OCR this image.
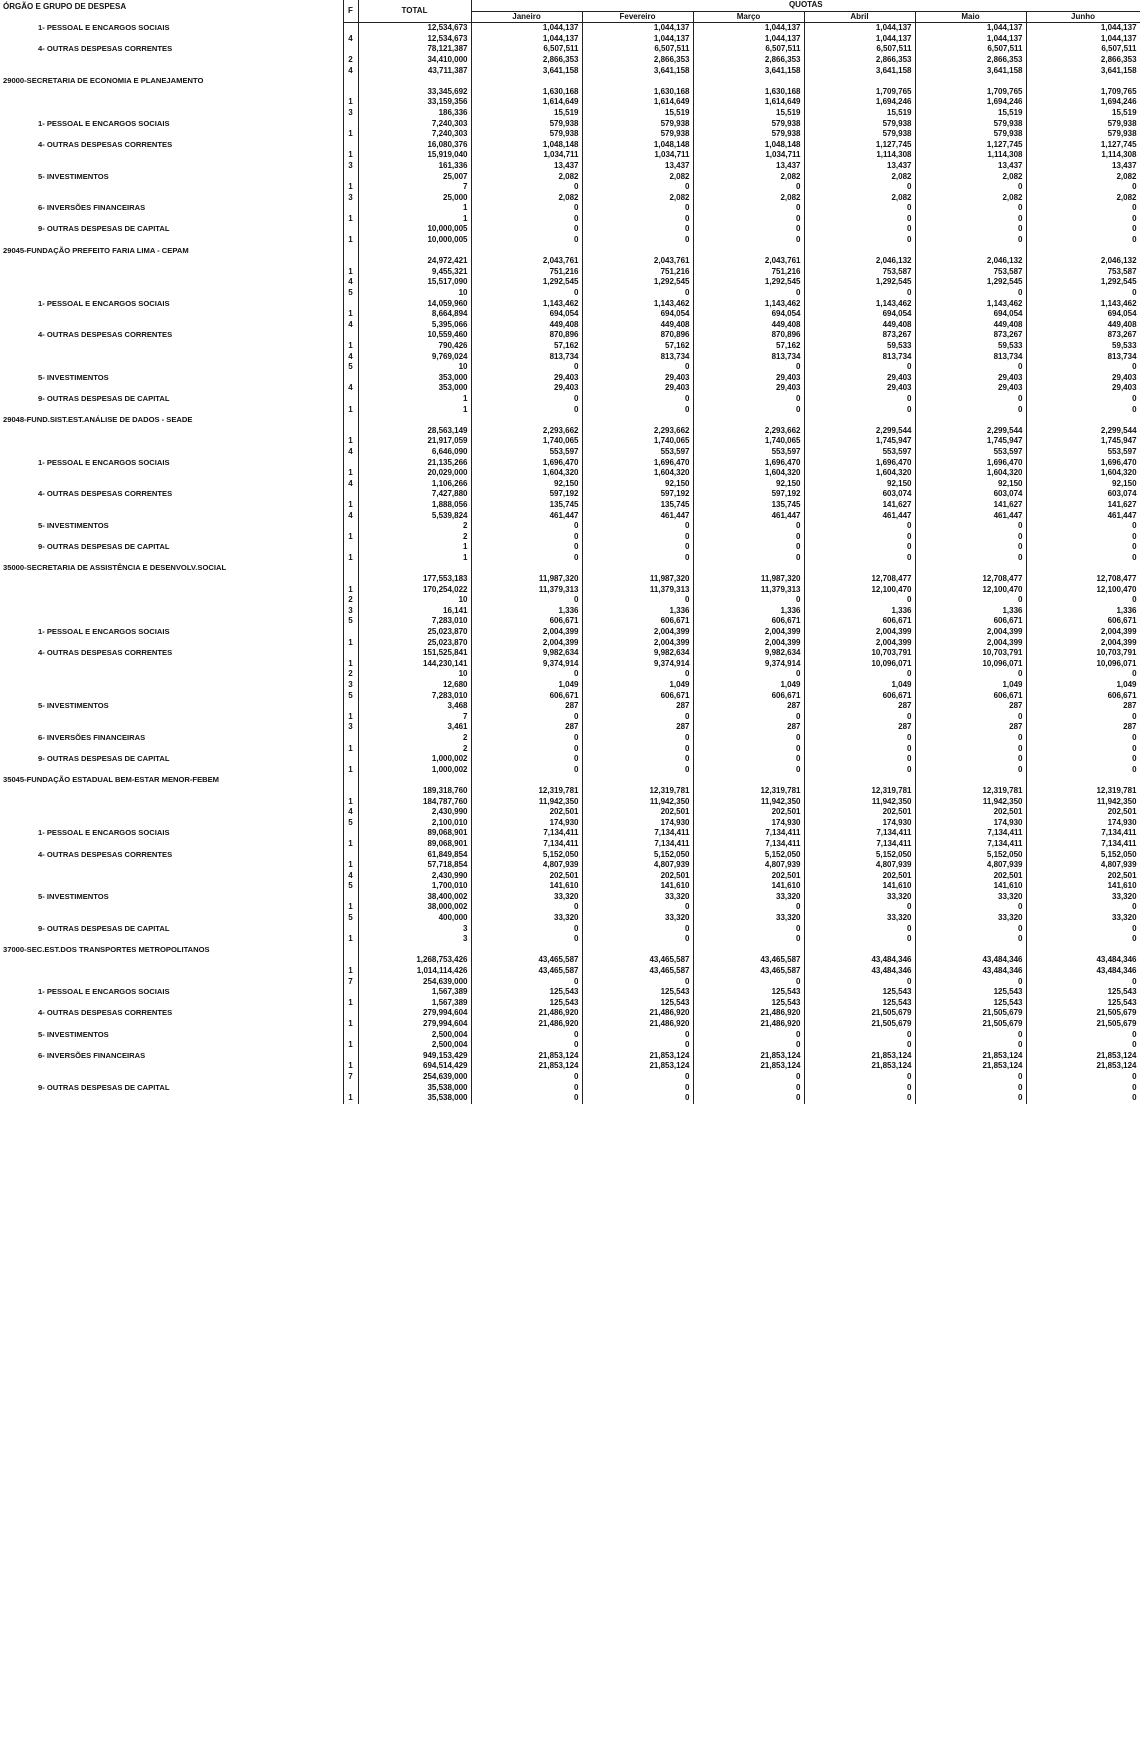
ÓRGÃO E GRUPO DE DESPESA	F	TOTAL	QUOTAS					
			Janeiro	Fevereiro	Março	Abril	Maio	Junho
1- PESSOAL E ENCARGOS SOCIAIS		12,534,673	1,044,137	1,044,137	1,044,137	1,044,137	1,044,137	1,044,137
	4	12,534,673	1,044,137	1,044,137	1,044,137	1,044,137	1,044,137	1,044,137
4- OUTRAS DESPESAS CORRENTES		78,121,387	6,507,511	6,507,511	6,507,511	6,507,511	6,507,511	6,507,511
	2	34,410,000	2,866,353	2,866,353	2,866,353	2,866,353	2,866,353	2,866,353
	4	43,711,387	3,641,158	3,641,158	3,641,158	3,641,158	3,641,158	3,641,158
29000-SECRETARIA DE ECONOMIA E PLANEJAMENTO								
		33,345,692	1,630,168	1,630,168	1,630,168	1,709,765	1,709,765	1,709,765
	1	33,159,356	1,614,649	1,614,649	1,614,649	1,694,246	1,694,246	1,694,246
	3	186,336	15,519	15,519	15,519	15,519	15,519	15,519
1- PESSOAL E ENCARGOS SOCIAIS		7,240,303	579,938	579,938	579,938	579,938	579,938	579,938
	1	7,240,303	579,938	579,938	579,938	579,938	579,938	579,938
4- OUTRAS DESPESAS CORRENTES		16,080,376	1,048,148	1,048,148	1,048,148	1,127,745	1,127,745	1,127,745
	1	15,919,040	1,034,711	1,034,711	1,034,711	1,114,308	1,114,308	1,114,308
	3	161,336	13,437	13,437	13,437	13,437	13,437	13,437
5- INVESTIMENTOS		25,007	2,082	2,082	2,082	2,082	2,082	2,082
	1	7	0	0	0	0	0	0
	3	25,000	2,082	2,082	2,082	2,082	2,082	2,082
6- INVERSÕES FINANCEIRAS		1	0	0	0	0	0	0
	1	1	0	0	0	0	0	0
9- OUTRAS DESPESAS DE CAPITAL		10,000,005	0	0	0	0	0	0
	1	10,000,005	0	0	0	0	0	0
29045-FUNDAÇÃO PREFEITO FARIA LIMA - CEPAM								
		24,972,421	2,043,761	2,043,761	2,043,761	2,046,132	2,046,132	2,046,132
	1	9,455,321	751,216	751,216	751,216	753,587	753,587	753,587
	4	15,517,090	1,292,545	1,292,545	1,292,545	1,292,545	1,292,545	1,292,545
	5	10	0	0	0	0	0	0
1- PESSOAL E ENCARGOS SOCIAIS		14,059,960	1,143,462	1,143,462	1,143,462	1,143,462	1,143,462	1,143,462
	1	8,664,894	694,054	694,054	694,054	694,054	694,054	694,054
	4	5,395,066	449,408	449,408	449,408	449,408	449,408	449,408
4- OUTRAS DESPESAS CORRENTES		10,559,460	870,896	870,896	870,896	873,267	873,267	873,267
	1	790,426	57,162	57,162	57,162	59,533	59,533	59,533
	4	9,769,024	813,734	813,734	813,734	813,734	813,734	813,734
	5	10	0	0	0	0	0	0
5- INVESTIMENTOS		353,000	29,403	29,403	29,403	29,403	29,403	29,403
	4	353,000	29,403	29,403	29,403	29,403	29,403	29,403
9- OUTRAS DESPESAS DE CAPITAL		1	0	0	0	0	0	0
	1	1	0	0	0	0	0	0
29048-FUND.SIST.EST.ANÁLISE DE DADOS - SEADE								
		28,563,149	2,293,662	2,293,662	2,293,662	2,299,544	2,299,544	2,299,544
	1	21,917,059	1,740,065	1,740,065	1,740,065	1,745,947	1,745,947	1,745,947
	4	6,646,090	553,597	553,597	553,597	553,597	553,597	553,597
1- PESSOAL E ENCARGOS SOCIAIS		21,135,266	1,696,470	1,696,470	1,696,470	1,696,470	1,696,470	1,696,470
	1	20,029,000	1,604,320	1,604,320	1,604,320	1,604,320	1,604,320	1,604,320
	4	1,106,266	92,150	92,150	92,150	92,150	92,150	92,150
4- OUTRAS DESPESAS CORRENTES		7,427,880	597,192	597,192	597,192	603,074	603,074	603,074
	1	1,888,056	135,745	135,745	135,745	141,627	141,627	141,627
	4	5,539,824	461,447	461,447	461,447	461,447	461,447	461,447
5- INVESTIMENTOS		2	0	0	0	0	0	0
	1	2	0	0	0	0	0	0
9- OUTRAS DESPESAS DE CAPITAL		1	0	0	0	0	0	0
	1	1	0	0	0	0	0	0
35000-SECRETARIA DE ASSISTÊNCIA E DESENVOLV.SOCIAL								
		177,553,183	11,987,320	11,987,320	11,987,320	12,708,477	12,708,477	12,708,477
	1	170,254,022	11,379,313	11,379,313	11,379,313	12,100,470	12,100,470	12,100,470
	2	10	0	0	0	0	0	0
	3	16,141	1,336	1,336	1,336	1,336	1,336	1,336
	5	7,283,010	606,671	606,671	606,671	606,671	606,671	606,671
1- PESSOAL E ENCARGOS SOCIAIS		25,023,870	2,004,399	2,004,399	2,004,399	2,004,399	2,004,399	2,004,399
	1	25,023,870	2,004,399	2,004,399	2,004,399	2,004,399	2,004,399	2,004,399
4- OUTRAS DESPESAS CORRENTES		151,525,841	9,982,634	9,982,634	9,982,634	10,703,791	10,703,791	10,703,791
	1	144,230,141	9,374,914	9,374,914	9,374,914	10,096,071	10,096,071	10,096,071
	2	10	0	0	0	0	0	0
	3	12,680	1,049	1,049	1,049	1,049	1,049	1,049
	5	7,283,010	606,671	606,671	606,671	606,671	606,671	606,671
5- INVESTIMENTOS		3,468	287	287	287	287	287	287
	1	7	0	0	0	0	0	0
	3	3,461	287	287	287	287	287	287
6- INVERSÕES FINANCEIRAS		2	0	0	0	0	0	0
	1	2	0	0	0	0	0	0
9- OUTRAS DESPESAS DE CAPITAL		1,000,002	0	0	0	0	0	0
	1	1,000,002	0	0	0	0	0	0
35045-FUNDAÇÃO ESTADUAL BEM-ESTAR MENOR-FEBEM								
		189,318,760	12,319,781	12,319,781	12,319,781	12,319,781	12,319,781	12,319,781
	1	184,787,760	11,942,350	11,942,350	11,942,350	11,942,350	11,942,350	11,942,350
	4	2,430,990	202,501	202,501	202,501	202,501	202,501	202,501
	5	2,100,010	174,930	174,930	174,930	174,930	174,930	174,930
1- PESSOAL E ENCARGOS SOCIAIS		89,068,901	7,134,411	7,134,411	7,134,411	7,134,411	7,134,411	7,134,411
	1	89,068,901	7,134,411	7,134,411	7,134,411	7,134,411	7,134,411	7,134,411
4- OUTRAS DESPESAS CORRENTES		61,849,854	5,152,050	5,152,050	5,152,050	5,152,050	5,152,050	5,152,050
	1	57,718,854	4,807,939	4,807,939	4,807,939	4,807,939	4,807,939	4,807,939
	4	2,430,990	202,501	202,501	202,501	202,501	202,501	202,501
	5	1,700,010	141,610	141,610	141,610	141,610	141,610	141,610
5- INVESTIMENTOS		38,400,002	33,320	33,320	33,320	33,320	33,320	33,320
	1	38,000,002	0	0	0	0	0	0
	5	400,000	33,320	33,320	33,320	33,320	33,320	33,320
9- OUTRAS DESPESAS DE CAPITAL		3	0	0	0	0	0	0
	1	3	0	0	0	0	0	0
37000-SEC.EST.DOS TRANSPORTES METROPOLITANOS								
		1,268,753,426	43,465,587	43,465,587	43,465,587	43,484,346	43,484,346	43,484,346
	1	1,014,114,426	43,465,587	43,465,587	43,465,587	43,484,346	43,484,346	43,484,346
	7	254,639,000	0	0	0	0	0	0
1- PESSOAL E ENCARGOS SOCIAIS		1,567,389	125,543	125,543	125,543	125,543	125,543	125,543
	1	1,567,389	125,543	125,543	125,543	125,543	125,543	125,543
4- OUTRAS DESPESAS CORRENTES		279,994,604	21,486,920	21,486,920	21,486,920	21,505,679	21,505,679	21,505,679
	1	279,994,604	21,486,920	21,486,920	21,486,920	21,505,679	21,505,679	21,505,679
5- INVESTIMENTOS		2,500,004	0	0	0	0	0	0
	1	2,500,004	0	0	0	0	0	0
6- INVERSÕES FINANCEIRAS		949,153,429	21,853,124	21,853,124	21,853,124	21,853,124	21,853,124	21,853,124
	1	694,514,429	21,853,124	21,853,124	21,853,124	21,853,124	21,853,124	21,853,124
	7	254,639,000	0	0	0	0	0	0
9- OUTRAS DESPESAS DE CAPITAL		35,538,000	0	0	0	0	0	0
	1	35,538,000	0	0	0	0	0	0
